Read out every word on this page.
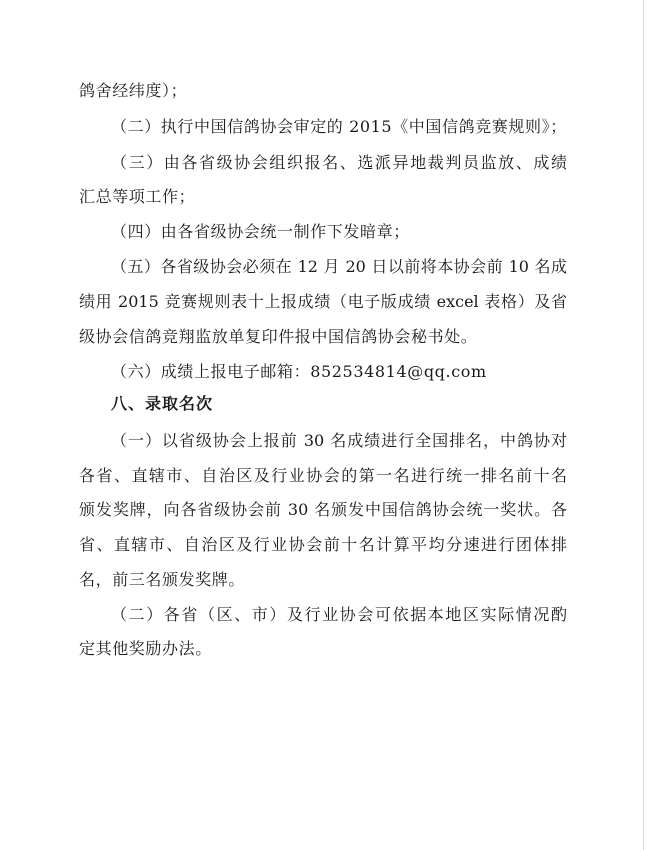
鸽舍经纬度）；
（二）执行中国信鸽协会审定的 2015《中国信鸽竞赛规则》；
（三）由各省级协会组织报名、选派异地裁判员监放、成绩
汇总等项工作；
（四）由各省级协会统一制作下发暗章；
（五）各省级协会必须在 12 月 20 日以前将本协会前 10 名成
绩用 2015 竞赛规则表十上报成绩（电子版成绩 excel 表格）及省
级协会信鸽竞翔监放单复印件报中国信鸽协会秘书处。
（六）成绩上报电子邮箱：852534814@qq.com
八、录取名次
（一）以省级协会上报前 30 名成绩进行全国排名，中鸽协对
各省、直辖市、自治区及行业协会的第一名进行统一排名前十名
颁发奖牌，向各省级协会前 30 名颁发中国信鸽协会统一奖状。各
省、直辖市、自治区及行业协会前十名计算平均分速进行团体排
名，前三名颁发奖牌。
（二）各省（区、市）及行业协会可依据本地区实际情况酌
定其他奖励办法。
